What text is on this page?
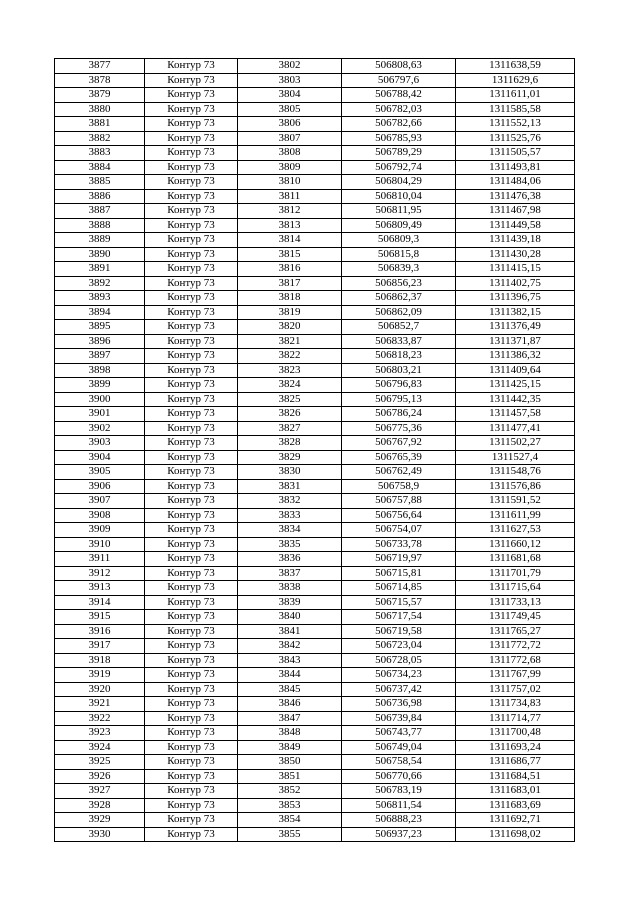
3877	Контур 73	3802	506808,63	1311638,59
3878	Контур 73	3803	506797,6	1311629,6
3879	Контур 73	3804	506788,42	1311611,01
3880	Контур 73	3805	506782,03	1311585,58
3881	Контур 73	3806	506782,66	1311552,13
3882	Контур 73	3807	506785,93	1311525,76
3883	Контур 73	3808	506789,29	1311505,57
3884	Контур 73	3809	506792,74	1311493,81
3885	Контур 73	3810	506804,29	1311484,06
3886	Контур 73	3811	506810,04	1311476,38
3887	Контур 73	3812	506811,95	1311467,98
3888	Контур 73	3813	506809,49	1311449,58
3889	Контур 73	3814	506809,3	1311439,18
3890	Контур 73	3815	506815,8	1311430,28
3891	Контур 73	3816	506839,3	1311415,15
3892	Контур 73	3817	506856,23	1311402,75
3893	Контур 73	3818	506862,37	1311396,75
3894	Контур 73	3819	506862,09	1311382,15
3895	Контур 73	3820	506852,7	1311376,49
3896	Контур 73	3821	506833,87	1311371,87
3897	Контур 73	3822	506818,23	1311386,32
3898	Контур 73	3823	506803,21	1311409,64
3899	Контур 73	3824	506796,83	1311425,15
3900	Контур 73	3825	506795,13	1311442,35
3901	Контур 73	3826	506786,24	1311457,58
3902	Контур 73	3827	506775,36	1311477,41
3903	Контур 73	3828	506767,92	1311502,27
3904	Контур 73	3829	506765,39	1311527,4
3905	Контур 73	3830	506762,49	1311548,76
3906	Контур 73	3831	506758,9	1311576,86
3907	Контур 73	3832	506757,88	1311591,52
3908	Контур 73	3833	506756,64	1311611,99
3909	Контур 73	3834	506754,07	1311627,53
3910	Контур 73	3835	506733,78	1311660,12
3911	Контур 73	3836	506719,97	1311681,68
3912	Контур 73	3837	506715,81	1311701,79
3913	Контур 73	3838	506714,85	1311715,64
3914	Контур 73	3839	506715,57	1311733,13
3915	Контур 73	3840	506717,54	1311749,45
3916	Контур 73	3841	506719,58	1311765,27
3917	Контур 73	3842	506723,04	1311772,72
3918	Контур 73	3843	506728,05	1311772,68
3919	Контур 73	3844	506734,23	1311767,99
3920	Контур 73	3845	506737,42	1311757,02
3921	Контур 73	3846	506736,98	1311734,83
3922	Контур 73	3847	506739,84	1311714,77
3923	Контур 73	3848	506743,77	1311700,48
3924	Контур 73	3849	506749,04	1311693,24
3925	Контур 73	3850	506758,54	1311686,77
3926	Контур 73	3851	506770,66	1311684,51
3927	Контур 73	3852	506783,19	1311683,01
3928	Контур 73	3853	506811,54	1311683,69
3929	Контур 73	3854	506888,23	1311692,71
3930	Контур 73	3855	506937,23	1311698,02
